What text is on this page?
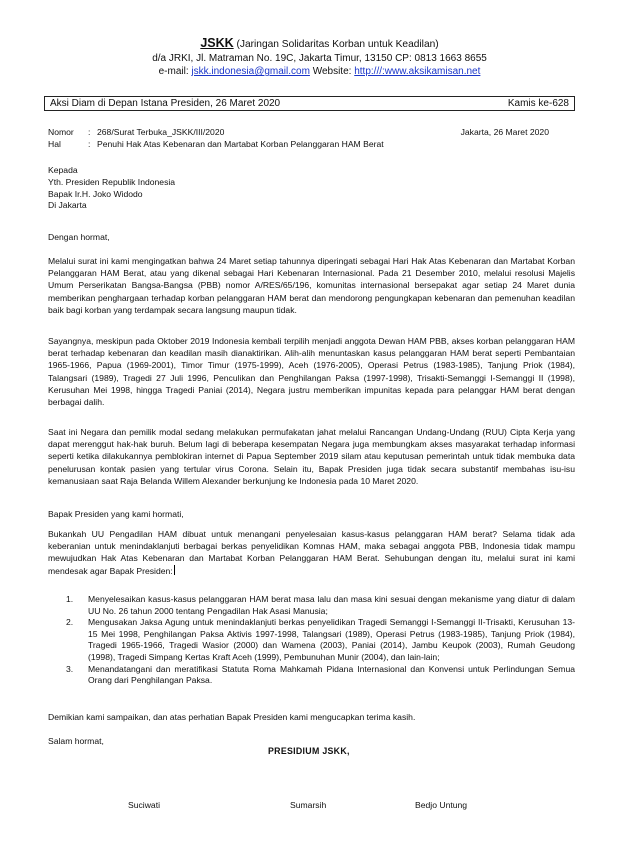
JSKK (Jaringan Solidaritas Korban untuk Keadilan)
d/a JRKI, Jl. Matraman No. 19C, Jakarta Timur, 13150 CP: 0813 1663 8655
e-mail: jskk.indonesia@gmail.com Website: http:///:www.aksikamisan.net
Aksi Diam di Depan Istana Presiden, 26 Maret 2020	Kamis ke-628
Nomor	: 268/Surat Terbuka_JSKK/III/2020
Hal	: Penuhi Hak Atas Kebenaran dan Martabat Korban Pelanggaran HAM Berat
Jakarta, 26 Maret 2020
Kepada
Yth. Presiden Republik Indonesia
Bapak Ir.H. Joko Widodo
Di Jakarta
Dengan hormat,
Melalui surat ini kami mengingatkan bahwa 24 Maret setiap tahunnya diperingati sebagai Hari Hak Atas Kebenaran dan Martabat Korban Pelanggaran HAM Berat, atau yang dikenal sebagai Hari Kebenaran Internasional. Pada 21 Desember 2010, melalui resolusi Majelis Umum Perserikatan Bangsa-Bangsa (PBB) nomor A/RES/65/196, komunitas internasional bersepakat agar setiap 24 Maret dunia memberikan penghargaan terhadap korban pelanggaran HAM berat dan mendorong pengungkapan kebenaran dan pemenuhan keadilan baik bagi korban yang terdampak secara langsung maupun tidak.
Sayangnya, meskipun pada Oktober 2019 Indonesia kembali terpilih menjadi anggota Dewan HAM PBB, akses korban pelanggaran HAM berat terhadap kebenaran dan keadilan masih dianaktirikan. Alih-alih menuntaskan kasus pelanggaran HAM berat seperti Pembantaian 1965-1966, Papua (1969-2001), Timor Timur (1975-1999), Aceh (1976-2005), Operasi Petrus (1983-1985), Tanjung Priok (1984), Talangsari (1989), Tragedi 27 Juli 1996, Penculikan dan Penghilangan Paksa (1997-1998), Trisakti-Semanggi I-Semanggi II (1998), Kerusuhan Mei 1998, hingga Tragedi Paniai (2014), Negara justru memberikan impunitas kepada para pelanggar HAM berat dengan berbagai dalih.
Saat ini Negara dan pemilik modal sedang melakukan permufakatan jahat melalui Rancangan Undang-Undang (RUU) Cipta Kerja yang dapat merenggut hak-hak buruh. Belum lagi di beberapa kesempatan Negara juga membungkam akses masyarakat terhadap informasi seperti ketika dilakukannya pemblokiran internet di Papua September 2019 silam atau keputusan pemerintah untuk tidak membuka data penelurusan kontak pasien yang tertular virus Corona. Selain itu, Bapak Presiden juga tidak secara substantif membahas isu-isu kemanusiaan saat Raja Belanda Willem Alexander berkunjung ke Indonesia pada 10 Maret 2020.
Bapak Presiden yang kami hormati,
Bukankah UU Pengadilan HAM dibuat untuk menangani penyelesaian kasus-kasus pelanggaran HAM berat? Selama tidak ada keberanian untuk menindaklanjuti berbagai berkas penyelidikan Komnas HAM, maka sebagai anggota PBB, Indonesia tidak mampu mewujudkan Hak Atas Kebenaran dan Martabat Korban Pelanggaran HAM Berat. Sehubungan dengan itu, melalui surat ini kami mendesak agar Bapak Presiden:
1.	Menyelesaikan kasus-kasus pelanggaran HAM berat masa lalu dan masa kini sesuai dengan mekanisme yang diatur di dalam UU No. 26 tahun 2000 tentang Pengadilan Hak Asasi Manusia;
2.	Mengusakan Jaksa Agung untuk menindaklanjuti berkas penyelidikan Tragedi Semanggi I-Semanggi II-Trisakti, Kerusuhan 13-15 Mei 1998, Penghilangan Paksa Aktivis 1997-1998, Talangsari (1989), Operasi Petrus (1983-1985), Tanjung Priok (1984), Tragedi 1965-1966, Tragedi Wasior (2000) dan Wamena (2003), Paniai (2014), Jambu Keupok (2003), Rumah Geudong (1998), Tragedi Simpang Kertas Kraft Aceh (1999), Pembunuhan Munir (2004), dan lain-lain;
3.	Menandatangani dan meratifikasi Statuta Roma Mahkamah Pidana Internasional dan Konvensi untuk Perlindungan Semua Orang dari Penghilangan Paksa.
Demikian kami sampaikan, dan atas perhatian Bapak Presiden kami mengucapkan terima kasih.
Salam hormat,
PRESIDIUM JSKK,
Suciwati	Sumarsih	Bedjo Untung
